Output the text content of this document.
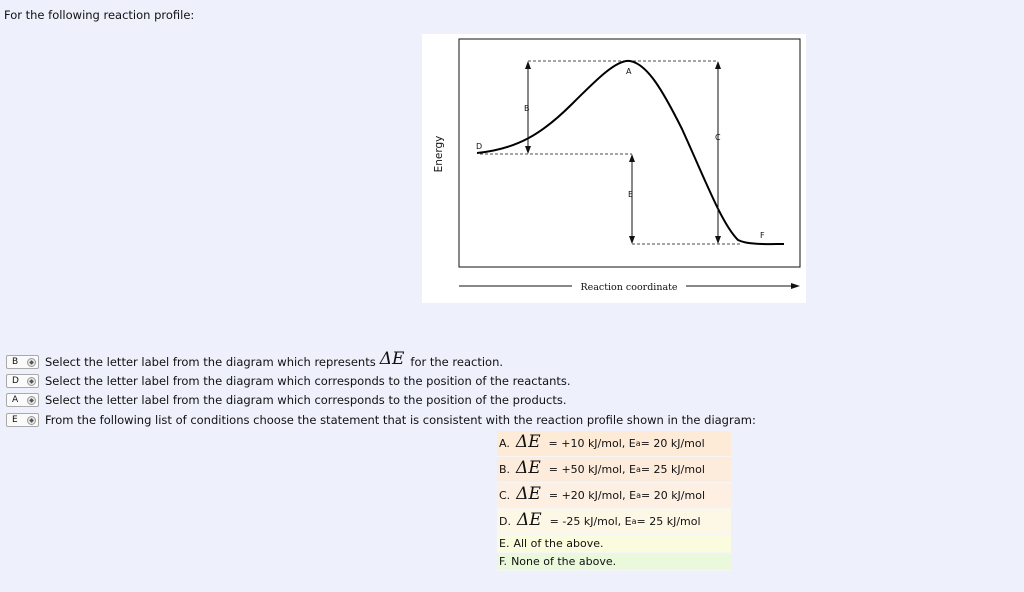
For the following reaction profile:
A
B
C
D
E
F
Energy
Reaction coordinate
B	◆ Select the letter label from the diagram which represents ΔE for the reaction.
D	◆ Select the letter label from the diagram which corresponds to the position of the reactants.
A	◆ Select the letter label from the diagram which corresponds to the position of the products.
E	◆ From the following list of conditions choose the statement that is consistent with the reaction profile shown in the diagram:
A. ΔE = +10 kJ/mol, E a = 20 kJ/mol
B. ΔE = +50 kJ/mol, E a = 25 kJ/mol
C. ΔE = +20 kJ/mol, E a = 20 kJ/mol
D. ΔE = -25 kJ/mol, E a = 25 kJ/mol
E. All of the above.
F. None of the above.
